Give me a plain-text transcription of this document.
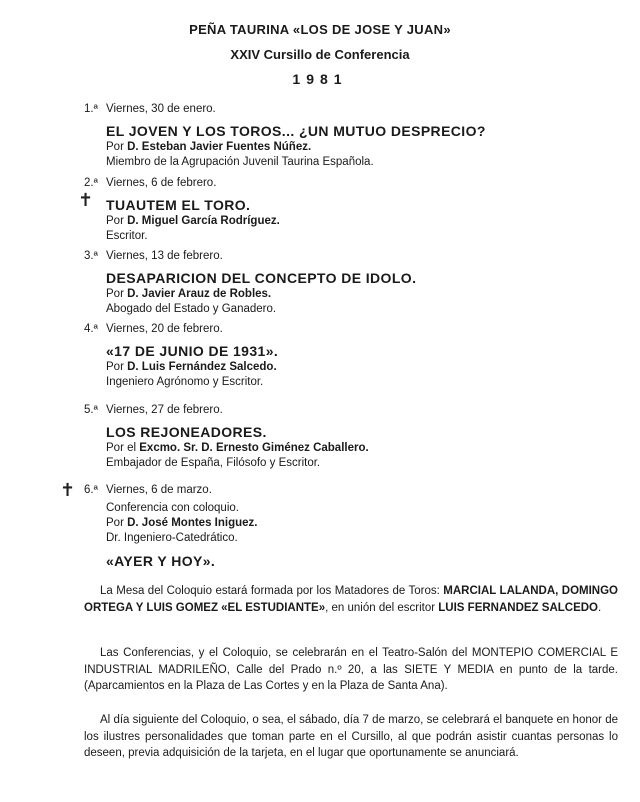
PEÑA TAURINA «LOS DE JOSE Y JUAN»
XXIV Cursillo de Conferencia
1981
1.ª Viernes, 30 de enero.
EL JOVEN Y LOS TOROS... ¿UN MUTUO DESPRECIO?
Por D. Esteban Javier Fuentes Núñez.
Miembro de la Agrupación Juvenil Taurina Española.
2.ª Viernes, 6 de febrero.
TUAUTEM EL TORO.
Por D. Miguel García Rodríguez.
Escritor.
✝
3.ª Viernes, 13 de febrero.
DESAPARICION DEL CONCEPTO DE IDOLO.
Por D. Javier Arauz de Robles.
Abogado del Estado y Ganadero.
4.ª Viernes, 20 de febrero.
«17 DE JUNIO DE 1931».
Por D. Luis Fernández Salcedo.
Ingeniero Agrónomo y Escritor.
5.ª Viernes, 27 de febrero.
LOS REJONEADORES.
Por el Excmo. Sr. D. Ernesto Giménez Caballero.
Embajador de España, Filósofo y Escritor.
6.ª Viernes, 6 de marzo.
Conferencia con coloquio.
Por D. José Montes Iniguez.
Dr. Ingeniero-Catedrático.
«AYER Y HOY».
✝
La Mesa del Coloquio estará formada por los Matadores de Toros: MARCIAL LALANDA, DOMINGO ORTEGA Y LUIS GOMEZ «EL ESTUDIANTE», en unión del escritor LUIS FERNANDEZ SALCEDO.
Las Conferencias, y el Coloquio, se celebrarán en el Teatro-Salón del MONTEPIO COMERCIAL E INDUSTRIAL MADRILEÑO, Calle del Prado n.º 20, a las SIETE Y MEDIA en punto de la tarde. (Aparcamientos en la Plaza de Las Cortes y en la Plaza de Santa Ana).
Al día siguiente del Coloquio, o sea, el sábado, día 7 de marzo, se celebrará el banquete en honor de los ilustres personalidades que toman parte en el Cursillo, al que podrán asistir cuantas personas lo deseen, previa adquisición de la tarjeta, en el lugar que oportunamente se anunciará.
